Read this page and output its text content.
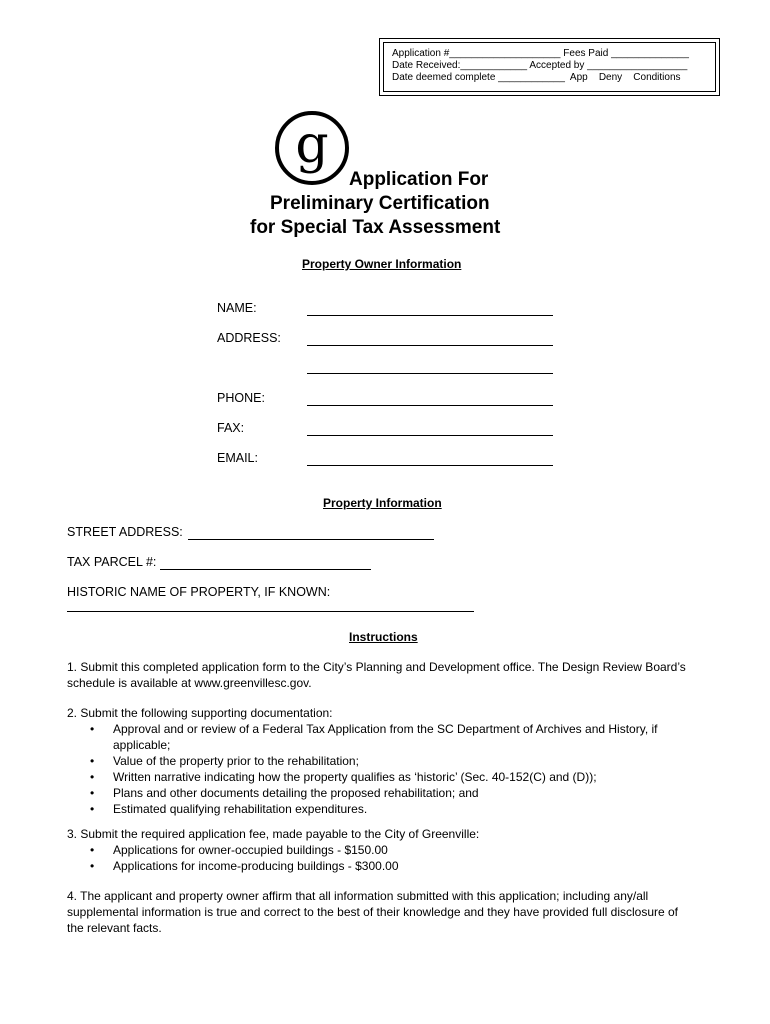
Application #____________________ Fees Paid ______________
Date Received:____________ Accepted by __________________
Date deemed complete ____________  App    Deny    Conditions
g
Application For
Preliminary Certification
for Special Tax Assessment
Property Owner Information
NAME:
ADDRESS:
PHONE:
FAX:
EMAIL:
Property Information
STREET ADDRESS:
TAX PARCEL #:
HISTORIC NAME OF PROPERTY, IF KNOWN:
Instructions
1. Submit this completed application form to the City’s Planning and Development office. The Design Review Board’s schedule is available at www.greenvillesc.gov.
2. Submit the following supporting documentation:
• Approval and or review of a Federal Tax Application from the SC Department of Archives and History, if applicable;
• Value of the property prior to the rehabilitation;
• Written narrative indicating how the property qualifies as ‘historic’ (Sec. 40-152(C) and (D));
• Plans and other documents detailing the proposed rehabilitation; and
• Estimated qualifying rehabilitation expenditures.
3. Submit the required application fee, made payable to the City of Greenville:
• Applications for owner-occupied buildings - $150.00
• Applications for income-producing buildings - $300.00
4. The applicant and property owner affirm that all information submitted with this application; including any/all supplemental information is true and correct to the best of their knowledge and they have provided full disclosure of the relevant facts.
